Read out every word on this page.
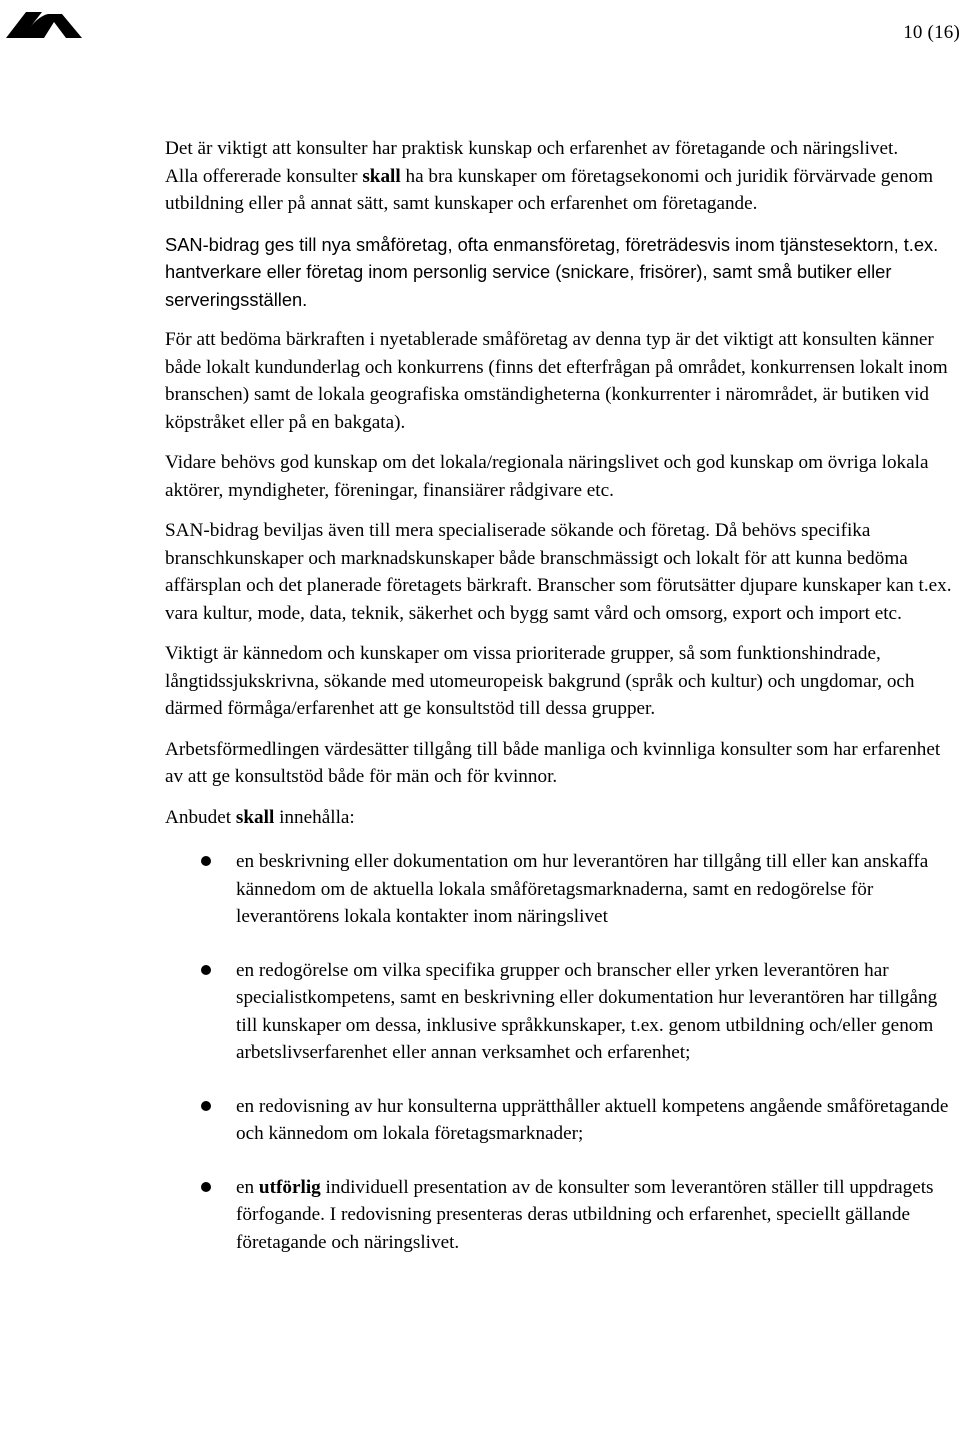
10 (16)

Det är viktigt att konsulter har praktisk kunskap och erfarenhet av företagande och näringslivet.

Alla offererade konsulter skall ha bra kunskaper om företagsekonomi och juridik förvärvade genom utbildning eller på annat sätt, samt kunskaper och erfarenhet om företagande.

SAN-bidrag ges till nya småföretag, ofta enmansföretag, företrädesvis inom tjänstesektorn, t.ex. hantverkare eller företag inom personlig service (snickare, frisörer), samt små butiker eller serveringsställen.

För att bedöma bärkraften i nyetablerade småföretag av denna typ är det viktigt att konsulten känner både lokalt kundunderlag och konkurrens (finns det efterfrågan på området, konkurrensen lokalt inom branschen) samt de lokala geografiska omständigheterna (konkurrenter i närområdet, är butiken vid köpstråket eller på en bakgata).

Vidare behövs god kunskap om det lokala/regionala näringslivet och god kunskap om övriga lokala aktörer, myndigheter, föreningar, finansiärer rådgivare etc.

SAN-bidrag beviljas även till mera specialiserade sökande och företag. Då behövs specifika branschkunskaper och marknadskunskaper både branschmässigt och lokalt för att kunna bedöma affärsplan och det planerade företagets bärkraft. Branscher som förutsätter djupare kunskaper kan t.ex. vara kultur, mode, data, teknik, säkerhet och bygg samt vård och omsorg, export och import etc.

Viktigt är kännedom och kunskaper om vissa prioriterade grupper, så som funktionshindrade, långtidssjukskrivna, sökande med utomeuropeisk bakgrund (språk och kultur) och ungdomar, och därmed förmåga/erfarenhet att ge konsultstöd till dessa grupper.

Arbetsförmedlingen värdesätter tillgång till både manliga och kvinnliga konsulter som har erfarenhet av att ge konsultstöd både för män och för kvinnor.

Anbudet skall innehålla:

en beskrivning eller dokumentation om hur leverantören har tillgång till eller kan anskaffa kännedom om de aktuella lokala småföretagsmarknaderna, samt en redogörelse för leverantörens lokala kontakter inom näringslivet
en redogörelse om vilka specifika grupper och branscher eller yrken leverantören har specialistkompetens, samt en beskrivning eller dokumentation hur leverantören har tillgång till kunskaper om dessa, inklusive språkkunskaper, t.ex. genom utbildning och/eller genom arbetslivserfarenhet eller annan verksamhet och erfarenhet;
en redovisning av hur konsulterna upprätthåller aktuell kompetens angående småföretagande och kännedom om lokala företagsmarknader;
en utförlig individuell presentation av de konsulter som leverantören ställer till uppdragets förfogande. I redovisning presenteras deras utbildning och erfarenhet, speciellt gällande företagande och näringslivet.
